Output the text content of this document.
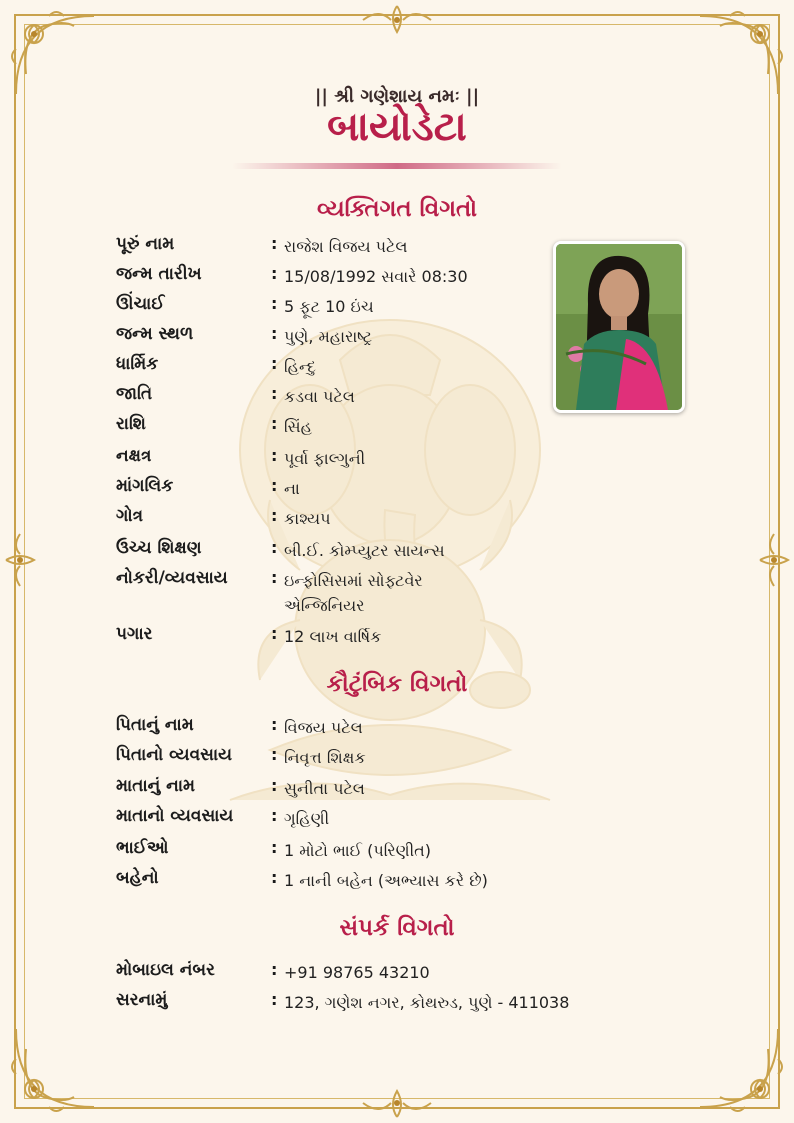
|| શ્રી ગણેશાય નમઃ ||
બાયોડેટા
વ્યક્તિગત વિગતો
પૂરું નામ	: રાજેશ વિજય પટેલ
જન્મ તારીખ	: 15/08/1992 સવારે 08:30
ઊંચાઈ	: 5 ફૂટ 10 ઇંચ
જન્મ સ્થળ	: પુણે, મહારાષ્ટ્ર
ધાર્મિક	: હિન્દુ
જાતિ	: કડવા પટેલ
રાશિ	: સિંહ
નક્ષત્ર	: પૂર્વા ફાલ્ગુની
માંગલિક	: ના
ગોત્ર	: કાશ્યપ
ઉચ્ચ શિક્ષણ	: બી.ઈ. કોમ્પ્યુટર સાયન્સ
નોકરી/વ્યવસાય	: ઇન્ફોસિસમાં સોફ્ટવેર એન્જિનિયર
પગાર	: 12 લાખ વાર્ષિક
કૌટુંબિક વિગતો
પિતાનું નામ	: વિજય પટેલ
પિતાનો વ્યવસાય	: નિવૃત્ત શિક્ષક
માતાનું નામ	: સુનીતા પટેલ
માતાનો વ્યવસાય	: ગૃહિણી
ભાઈઓ	: 1 મોટો ભાઈ (પરિણીત)
બહેનો	: 1 નાની બહેન (અભ્યાસ કરે છે)
સંપર્ક વિગતો
મોબાઇલ નંબર	: +91 98765 43210
સરનામું	: 123, ગણેશ નગર, કોથરુડ, પુણે - 411038
